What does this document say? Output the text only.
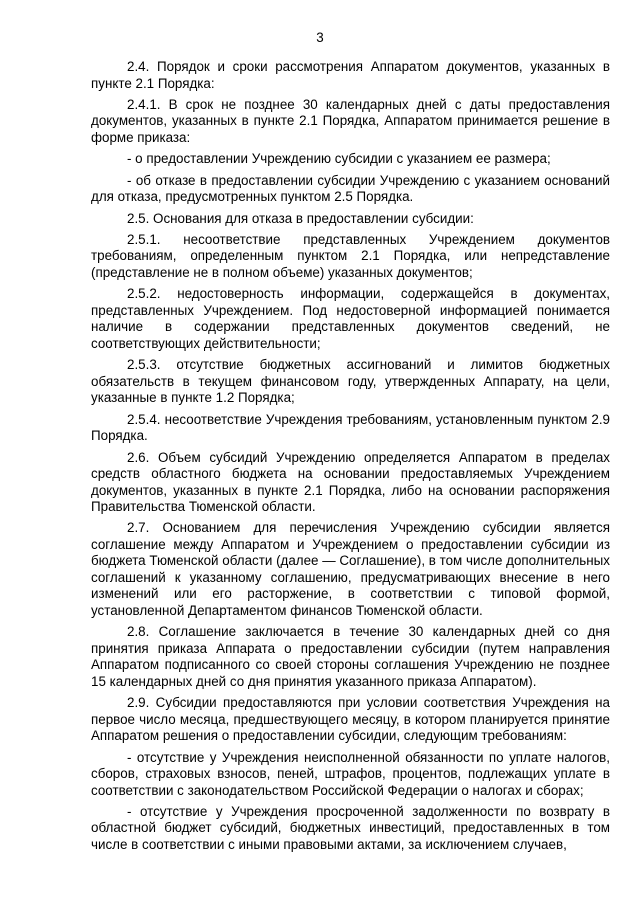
3

2.4. Порядок и сроки рассмотрения Аппаратом документов, указанных в пункте 2.1 Порядка:

2.4.1. В срок не позднее 30 календарных дней с даты предоставления документов, указанных в пункте 2.1 Порядка, Аппаратом принимается решение в форме приказа:

- о предоставлении Учреждению субсидии с указанием ее размера;

- об отказе в предоставлении субсидии Учреждению с указанием оснований для отказа, предусмотренных пунктом 2.5 Порядка.

2.5. Основания для отказа в предоставлении субсидии:

2.5.1. несоответствие представленных Учреждением документов требованиям, определенным пунктом 2.1 Порядка, или непредставление (представление не в полном объеме) указанных документов;

2.5.2. недостоверность информации, содержащейся в документах, представленных Учреждением. Под недостоверной информацией понимается наличие в содержании представленных документов сведений, не соответствующих действительности;

2.5.3. отсутствие бюджетных ассигнований и лимитов бюджетных обязательств в текущем финансовом году, утвержденных Аппарату, на цели, указанные в пункте 1.2 Порядка;

2.5.4. несоответствие Учреждения требованиям, установленным пунктом 2.9 Порядка.

2.6. Объем субсидий Учреждению определяется Аппаратом в пределах средств областного бюджета на основании предоставляемых Учреждением документов, указанных в пункте 2.1 Порядка, либо на основании распоряжения Правительства Тюменской области.

2.7. Основанием для перечисления Учреждению субсидии является соглашение между Аппаратом и Учреждением о предоставлении субсидии из бюджета Тюменской области (далее — Соглашение), в том числе дополнительных соглашений к указанному соглашению, предусматривающих внесение в него изменений или его расторжение, в соответствии с типовой формой, установленной Департаментом финансов Тюменской области.

2.8. Соглашение заключается в течение 30 календарных дней со дня принятия приказа Аппарата о предоставлении субсидии (путем направления Аппаратом подписанного со своей стороны соглашения Учреждению не позднее 15 календарных дней со дня принятия указанного приказа Аппаратом).

2.9. Субсидии предоставляются при условии соответствия Учреждения на первое число месяца, предшествующего месяцу, в котором планируется принятие Аппаратом решения о предоставлении субсидии, следующим требованиям:

- отсутствие у Учреждения неисполненной обязанности по уплате налогов, сборов, страховых взносов, пеней, штрафов, процентов, подлежащих уплате в соответствии с законодательством Российской Федерации о налогах и сборах;

- отсутствие у Учреждения просроченной задолженности по возврату в областной бюджет субсидий, бюджетных инвестиций, предоставленных в том числе в соответствии с иными правовыми актами, за исключением случаев,
